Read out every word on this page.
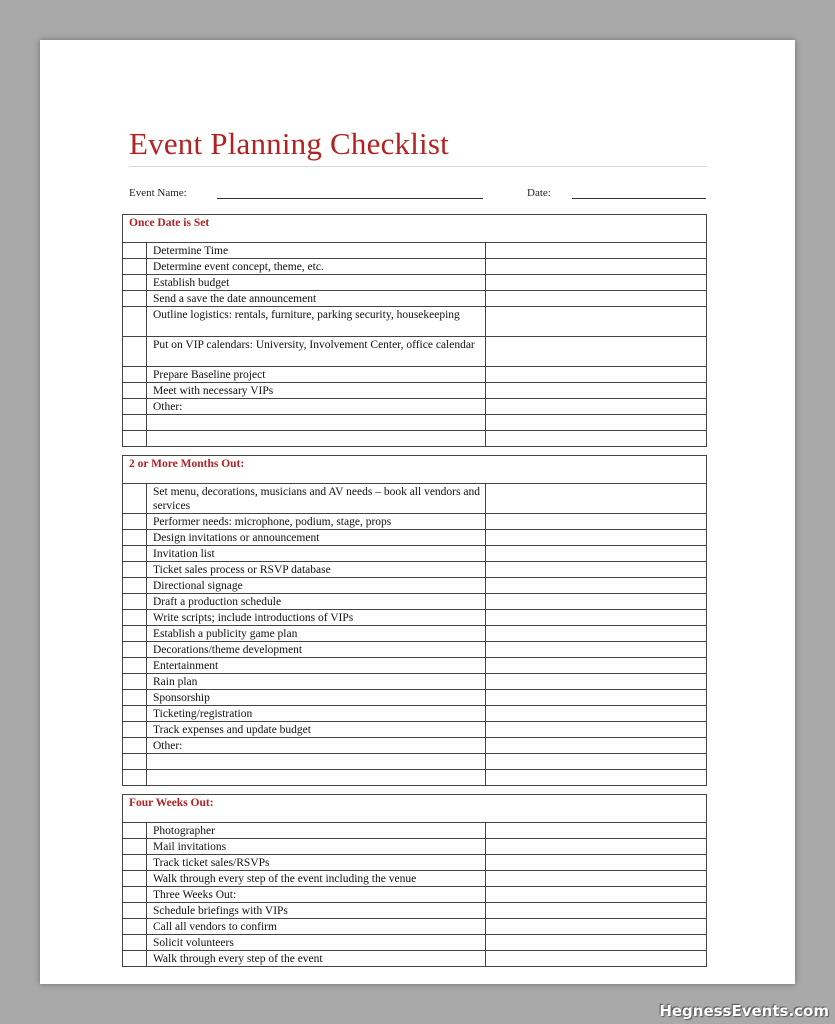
Event Planning Checklist
Event Name:	Date:
Once Date is Set
Determine Time
Determine event concept, theme, etc.
Establish budget
Send a save the date announcement
Outline logistics: rentals, furniture, parking security, housekeeping
Put on VIP calendars: University, Involvement Center, office calendar
Prepare Baseline project
Meet with necessary VIPs
Other:
2 or More Months Out:
Set menu, decorations, musicians and AV needs – book all vendors and services
Performer needs: microphone, podium, stage, props
Design invitations or announcement
Invitation list
Ticket sales process or RSVP database
Directional signage
Draft a production schedule
Write scripts; include introductions of VIPs
Establish a publicity game plan
Decorations/theme development
Entertainment
Rain plan
Sponsorship
Ticketing/registration
Track expenses and update budget
Other:
Four Weeks Out:
Photographer
Mail invitations
Track ticket sales/RSVPs
Walk through every step of the event including the venue
Three Weeks Out:
Schedule briefings with VIPs
Call all vendors to confirm
Solicit volunteers
Walk through every step of the event
HegnessEvents.com
